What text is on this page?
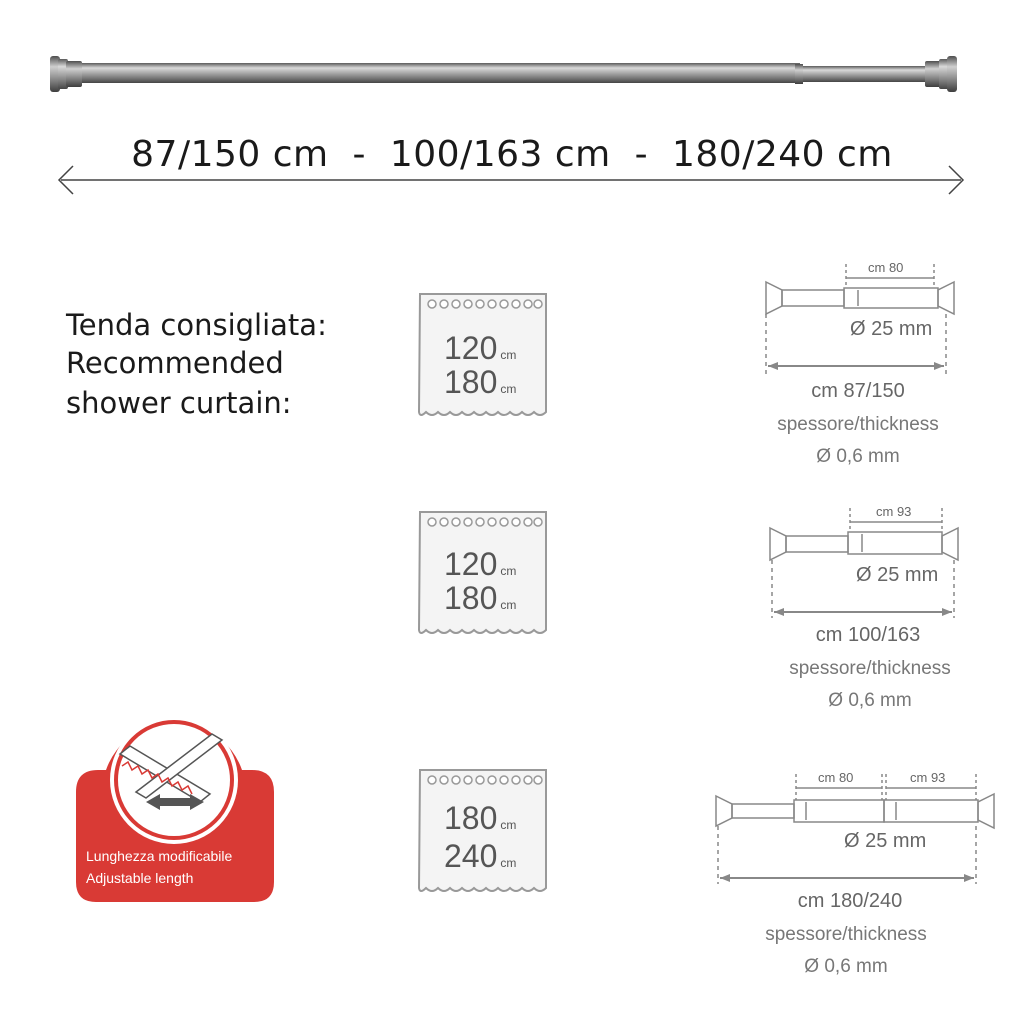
87/150 cm  -  100/163 cm  -  180/240 cm
Tenda consigliata:
Recommended
shower curtain:
120 cm
180 cm
120 cm
180 cm
180 cm
240 cm
cm 80
Ø 25 mm
cm 87/150
spessore/thickness
Ø 0,6 mm
cm 93
Ø 25 mm
cm 100/163
spessore/thickness
Ø 0,6 mm
cm 80	cm 93
Ø 25 mm
cm 180/240
spessore/thickness
Ø 0,6 mm
Lunghezza modificabile
Adjustable length
